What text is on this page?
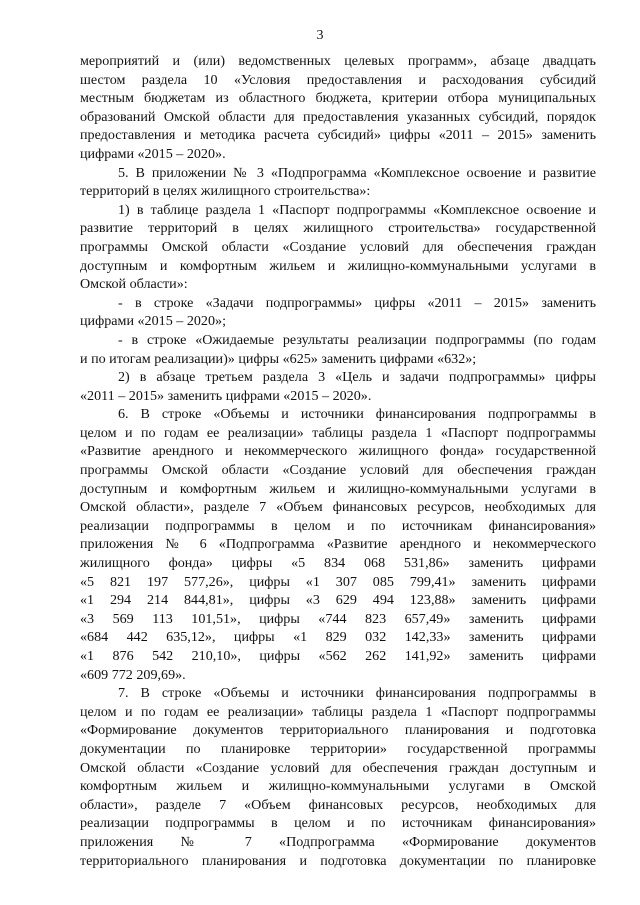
3
мероприятий и (или) ведомственных целевых программ», абзаце двадцать
шестом раздела 10 «Условия предоставления и расходования субсидий
местным бюджетам из областного бюджета, критерии отбора муниципальных
образований Омской области для предоставления указанных субсидий, порядок
предоставления и методика расчета субсидий» цифры «2011 – 2015» заменить
цифрами «2015 – 2020».
5. В приложении № 3 «Подпрограмма «Комплексное освоение и развитие
территорий в целях жилищного строительства»:
1) в таблице раздела 1 «Паспорт подпрограммы «Комплексное освоение и
развитие территорий в целях жилищного строительства» государственной
программы Омской области «Создание условий для обеспечения граждан
доступным и комфортным жильем и жилищно-коммунальными услугами в
Омской области»:
- в строке «Задачи подпрограммы» цифры «2011 – 2015» заменить
цифрами «2015 – 2020»;
- в строке «Ожидаемые результаты реализации подпрограммы (по годам
и по итогам реализации)» цифры «625» заменить цифрами «632»;
2) в абзаце третьем раздела 3 «Цель и задачи подпрограммы» цифры
«2011 – 2015» заменить цифрами «2015 – 2020».
6. В строке «Объемы и источники финансирования подпрограммы в
целом и по годам ее реализации» таблицы раздела 1 «Паспорт подпрограммы
«Развитие арендного и некоммерческого жилищного фонда» государственной
программы Омской области «Создание условий для обеспечения граждан
доступным и комфортным жильем и жилищно-коммунальными услугами в
Омской области», разделе 7 «Объем финансовых ресурсов, необходимых для
реализации подпрограммы в целом и по источникам финансирования»
приложения № 6 «Подпрограмма «Развитие арендного и некоммерческого
жилищного фонда» цифры «5 834 068 531,86» заменить цифрами
«5 821 197 577,26», цифры «1 307 085 799,41» заменить цифрами
«1 294 214 844,81», цифры «3 629 494 123,88» заменить цифрами
«3 569 113 101,51», цифры «744 823 657,49» заменить цифрами
«684 442 635,12», цифры «1 829 032 142,33» заменить цифрами
«1 876 542 210,10», цифры «562 262 141,92» заменить цифрами
«609 772 209,69».
7. В строке «Объемы и источники финансирования подпрограммы в
целом и по годам ее реализации» таблицы раздела 1 «Паспорт подпрограммы
«Формирование документов территориального планирования и подготовка
документации по планировке территории» государственной программы
Омской области «Создание условий для обеспечения граждан доступным и
комфортным жильем и жилищно-коммунальными услугами в Омской
области», разделе 7 «Объем финансовых ресурсов, необходимых для
реализации подпрограммы в целом и по источникам финансирования»
приложения № 7 «Подпрограмма «Формирование документов
территориального планирования и подготовка документации по планировке
